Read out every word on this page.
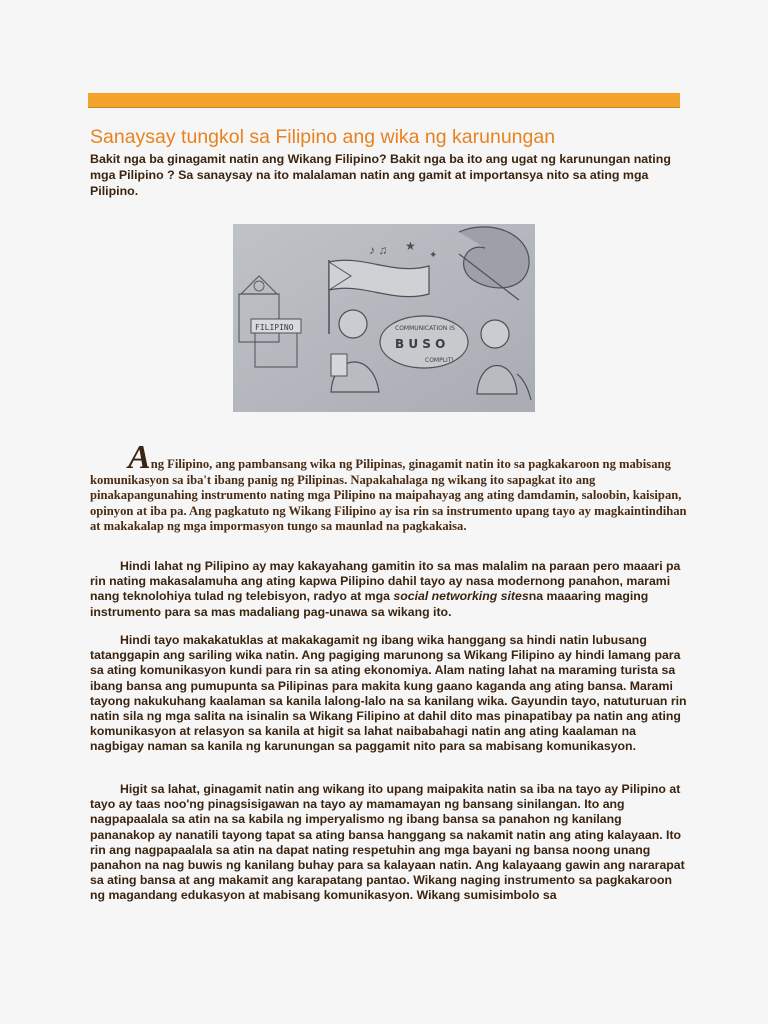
Sanaysay tungkol sa Filipino ang wika ng karunungan

Bakit nga ba ginagamit natin ang Wikang Filipino? Bakit nga ba ito ang ugat ng karunungan nating mga Pilipino ? Sa sanaysay na ito malalaman natin ang gamit at importansya nito sa ating mga Pilipino.

FILIPINO
♪ ♫ ★
✦
COMMUNICATION IS
B U S O
COMPLIT!

Ang Filipino, ang pambansang wika ng Pilipinas, ginagamit natin ito sa pagkakaroon ng mabisang
komunikasyon sa iba't ibang panig ng Pilipinas. Napakahalaga ng wikang ito sapagkat ito ang pinakapangunahing instrumento nating mga Pilipino na maipahayag ang ating damdamin, saloobin, kaisipan, opinyon at iba pa. Ang pagkatuto ng Wikang Filipino ay isa rin sa instrumento upang tayo ay magkaintindihan at makakalap ng mga impormasyon tungo sa maunlad na pagkakaisa.

Hindi lahat ng Pilipino ay may kakayahang gamitin ito sa mas malalim na paraan pero maaari pa rin nating makasalamuha ang ating kapwa Pilipino dahil tayo ay nasa modernong panahon, marami nang teknolohiya tulad ng telebisyon, radyo at mga social networking sitesna maaaring maging instrumento para sa mas madaliang pag-unawa sa wikang ito.

Hindi tayo makakatuklas at makakagamit ng ibang wika hanggang sa hindi natin lubusang tatanggapin ang sariling wika natin. Ang pagiging marunong sa Wikang Filipino ay hindi lamang para sa ating komunikasyon kundi para rin sa ating ekonomiya. Alam nating lahat na maraming turista sa ibang bansa ang pumupunta sa Pilipinas para makita kung gaano kaganda ang ating bansa. Marami tayong nakukuhang kaalaman sa kanila lalong-lalo na sa kanilang wika. Gayundin tayo, natuturuan rin natin sila ng mga salita na isinalin sa Wikang Filipino at dahil dito mas pinapatibay pa natin ang ating komunikasyon at relasyon sa kanila at higit sa lahat naibabahagi natin ang ating kaalaman na nagbigay naman sa kanila ng karunungan sa paggamit nito para sa mabisang komunikasyon.

Higit sa lahat, ginagamit natin ang wikang ito upang maipakita natin sa iba na tayo ay Pilipino at tayo ay taas noo'ng pinagsisigawan na tayo ay mamamayan ng bansang sinilangan. Ito ang nagpapaalala sa atin na sa kabila ng imperyalismo ng ibang bansa sa panahon ng kanilang pananakop ay nanatili tayong tapat sa ating bansa hanggang sa nakamit natin ang ating kalayaan. Ito rin ang nagpapaalala sa atin na dapat nating respetuhin ang mga bayani ng bansa noong unang panahon na nag buwis ng kanilang buhay para sa kalayaan natin. Ang kalayaang gawin ang nararapat sa ating bansa at ang makamit ang karapatang pantao. Wikang naging instrumento sa pagkakaroon ng magandang edukasyon at mabisang komunikasyon. Wikang sumisimbolo sa
